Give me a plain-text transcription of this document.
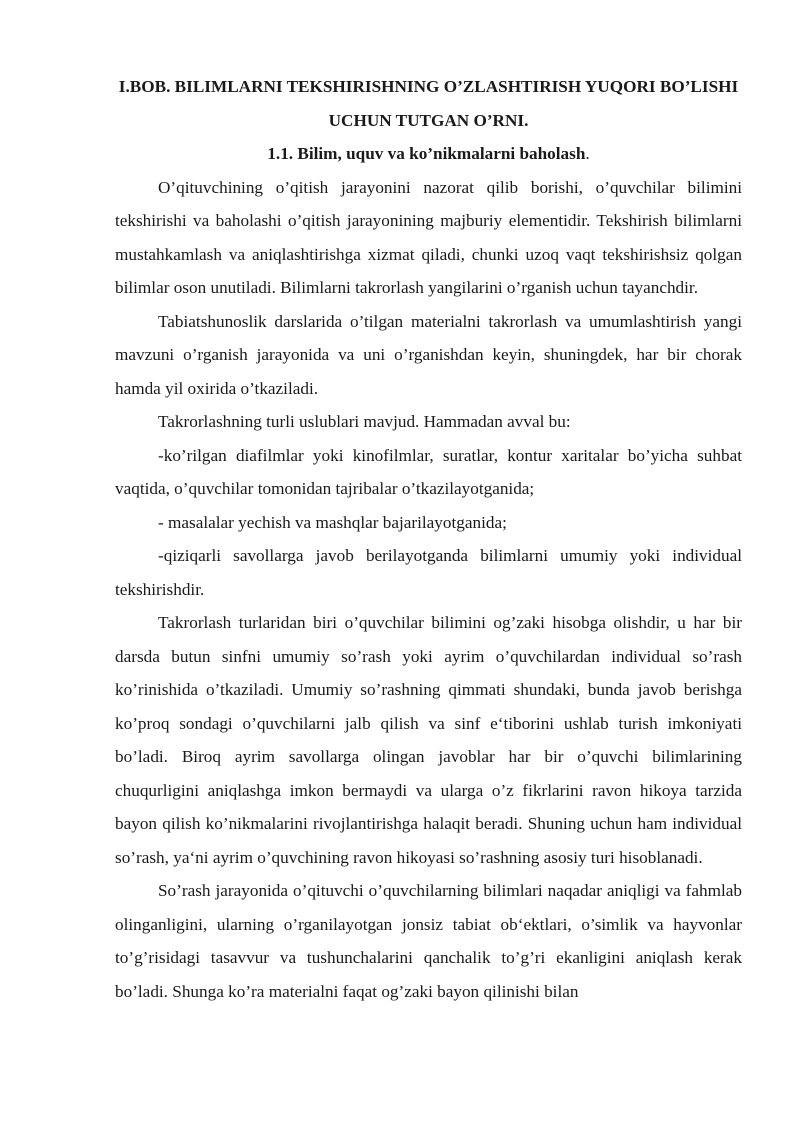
I.BOB. BILIMLARNI TEKSHIRISHNING O’ZLASHTIRISH YUQORI BO’LISHI UCHUN TUTGAN O’RNI.
1.1. Bilim, uquv va ko’nikmalarni baholash.

O’qituvchining o’qitish jarayonini nazorat qilib borishi, o’quvchilar bilimini tekshirishi va baholashi o’qitish jarayonining majburiy elementidir. Tekshirish bilimlarni mustahkamlash va aniqlashtirishga xizmat qiladi, chunki uzoq vaqt tekshirishsiz qolgan bilimlar oson unutiladi. Bilimlarni takrorlash yangilarini o’rganish uchun tayanchdir.

Tabiatshunoslik darslarida o’tilgan materialni takrorlash va umumlashtirish yangi mavzuni o’rganish jarayonida va uni o’rganishdan keyin, shuningdek, har bir chorak hamda yil oxirida o’tkaziladi.

Takrorlashning turli uslublari mavjud. Hammadan avval bu:

-ko’rilgan diafilmlar yoki kinofilmlar, suratlar, kontur xaritalar bo’yicha suhbat vaqtida, o’quvchilar tomonidan tajribalar o’tkazilayotganida;

- masalalar yechish va mashqlar bajarilayotganida;

-qiziqarli savollarga javob berilayotganda bilimlarni umumiy yoki individual tekshirishdir.

Takrorlash turlaridan biri o’quvchilar bilimini og’zaki hisobga olishdir, u har bir darsda butun sinfni umumiy so’rash yoki ayrim o’quvchilardan individual so’rash ko’rinishida o’tkaziladi. Umumiy so’rashning qimmati shundaki, bunda javob berishga ko’proq sondagi o’quvchilarni jalb qilish va sinf e‘tiborini ushlab turish imkoniyati bo’ladi. Biroq ayrim savollarga olingan javoblar har bir o’quvchi bilimlarining chuqurligini aniqlashga imkon bermaydi va ularga o’z fikrlarini ravon hikoya tarzida bayon qilish ko’nikmalarini rivojlantirishga halaqit beradi. Shuning uchun ham individual so’rash, ya‘ni ayrim o’quvchining ravon hikoyasi so’rashning asosiy turi hisoblanadi.

So’rash jarayonida o’qituvchi o’quvchilarning bilimlari naqadar aniqligi va fahmlab olinganligini, ularning o’rganilayotgan jonsiz tabiat ob‘ektlari, o’simlik va hayvonlar to’g’risidagi tasavvur va tushunchalarini qanchalik to’g’ri ekanligini aniqlash kerak bo’ladi. Shunga ko’ra materialni faqat og’zaki bayon qilinishi bilan
